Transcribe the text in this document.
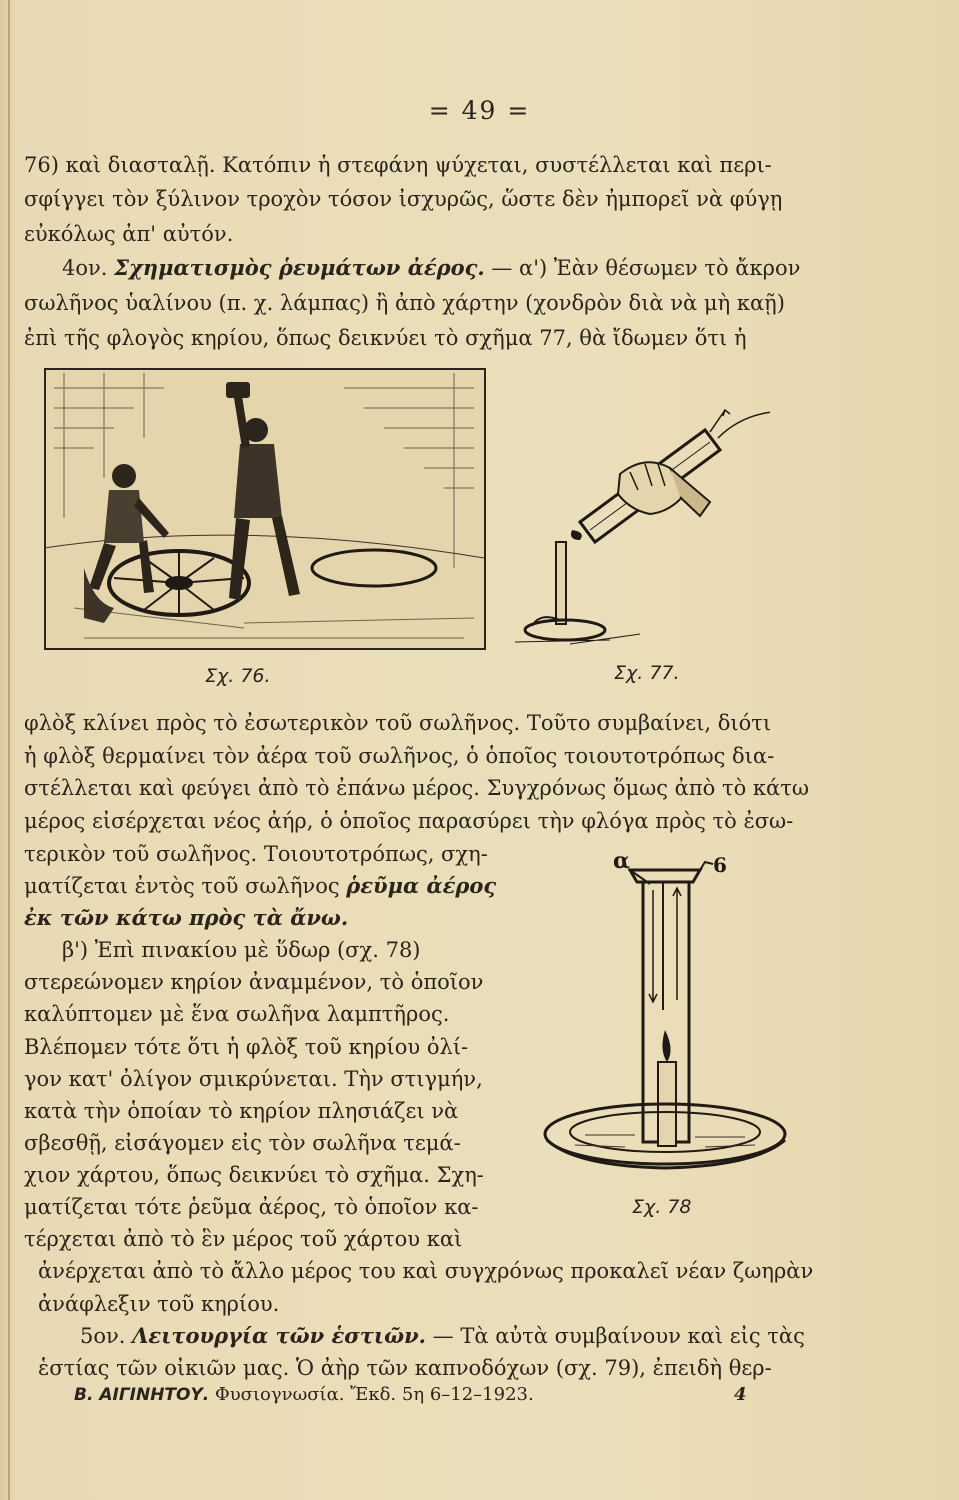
= 49 =
76) καὶ διασταλῇ. Κατόπιν ἡ στεφάνη ψύχεται, συστέλλεται καὶ περι-
σφίγγει τὸν ξύλινον τροχὸν τόσον ἰσχυρῶς, ὥστε δὲν ἠμπορεῖ νὰ φύγῃ
εὐκόλως ἀπ' αὐτόν.
4ον. Σχηματισμὸς ῥευμάτων ἀέρος. — α') Ἐὰν θέσωμεν τὸ ἄκρον
σωλῆνος ὑαλίνου (π. χ. λάμπας) ἢ ἀπὸ χάρτην (χονδρὸν διὰ νὰ μὴ καῇ)
ἐπὶ τῆς φλογὸς κηρίου, ὅπως δεικνύει τὸ σχῆμα 77, θὰ ἴδωμεν ὅτι ἡ
Σχ. 76.	Σχ. 77.
φλὸξ κλίνει πρὸς τὸ ἐσωτερικὸν τοῦ σωλῆνος. Τοῦτο συμβαίνει, διότι
ἡ φλὸξ θερμαίνει τὸν ἀέρα τοῦ σωλῆνος, ὁ ὁποῖος τοιουτοτρόπως δια-
στέλλεται καὶ φεύγει ἀπὸ τὸ ἐπάνω μέρος. Συγχρόνως ὅμως ἀπὸ τὸ κάτω
μέρος εἰσέρχεται νέος ἀήρ, ὁ ὁποῖος παρασύρει τὴν φλόγα πρὸς τὸ ἐσω-
τερικὸν τοῦ σωλῆνος. Τοιουτοτρόπως, σχη-
ματίζεται ἐντὸς τοῦ σωλῆνος ῥεῦμα ἀέρος
ἐκ τῶν κάτω πρὸς τὰ ἄνω.
β') Ἐπὶ πινακίου μὲ ὕδωρ (σχ. 78)
στερεώνομεν κηρίον ἀναμμένον, τὸ ὁποῖον
καλύπτομεν μὲ ἕνα σωλῆνα λαμπτῆρος.
Βλέπομεν τότε ὅτι ἡ φλὸξ τοῦ κηρίου ὀλί-
γον κατ' ὀλίγον σμικρύνεται. Τὴν στιγμήν,
κατὰ τὴν ὁποίαν τὸ κηρίον πλησιάζει νὰ
σβεσθῇ, εἰσάγομεν εἰς τὸν σωλῆνα τεμά-
χιον χάρτου, ὅπως δεικνύει τὸ σχῆμα. Σχη-
ματίζεται τότε ῥεῦμα ἀέρος, τὸ ὁποῖον κα-
τέρχεται ἀπὸ τὸ ἓν μέρος τοῦ χάρτου καὶ
α	6
Σχ. 78
ἀνέρχεται ἀπὸ τὸ ἄλλο μέρος του καὶ συγχρόνως προκαλεῖ νέαν ζωηρὰν
ἀνάφλεξιν τοῦ κηρίου.
5ον. Λειτουργία τῶν ἑστιῶν. — Τὰ αὐτὰ συμβαίνουν καὶ εἰς τὰς
ἑστίας τῶν οἰκιῶν μας. Ὁ ἀὴρ τῶν καπνοδόχων (σχ. 79), ἐπειδὴ θερ-
Β. ΑΙΓΙΝΗΤΟΥ. Φυσιογνωσία. Ἔκδ. 5η 6–12–1923.	4
